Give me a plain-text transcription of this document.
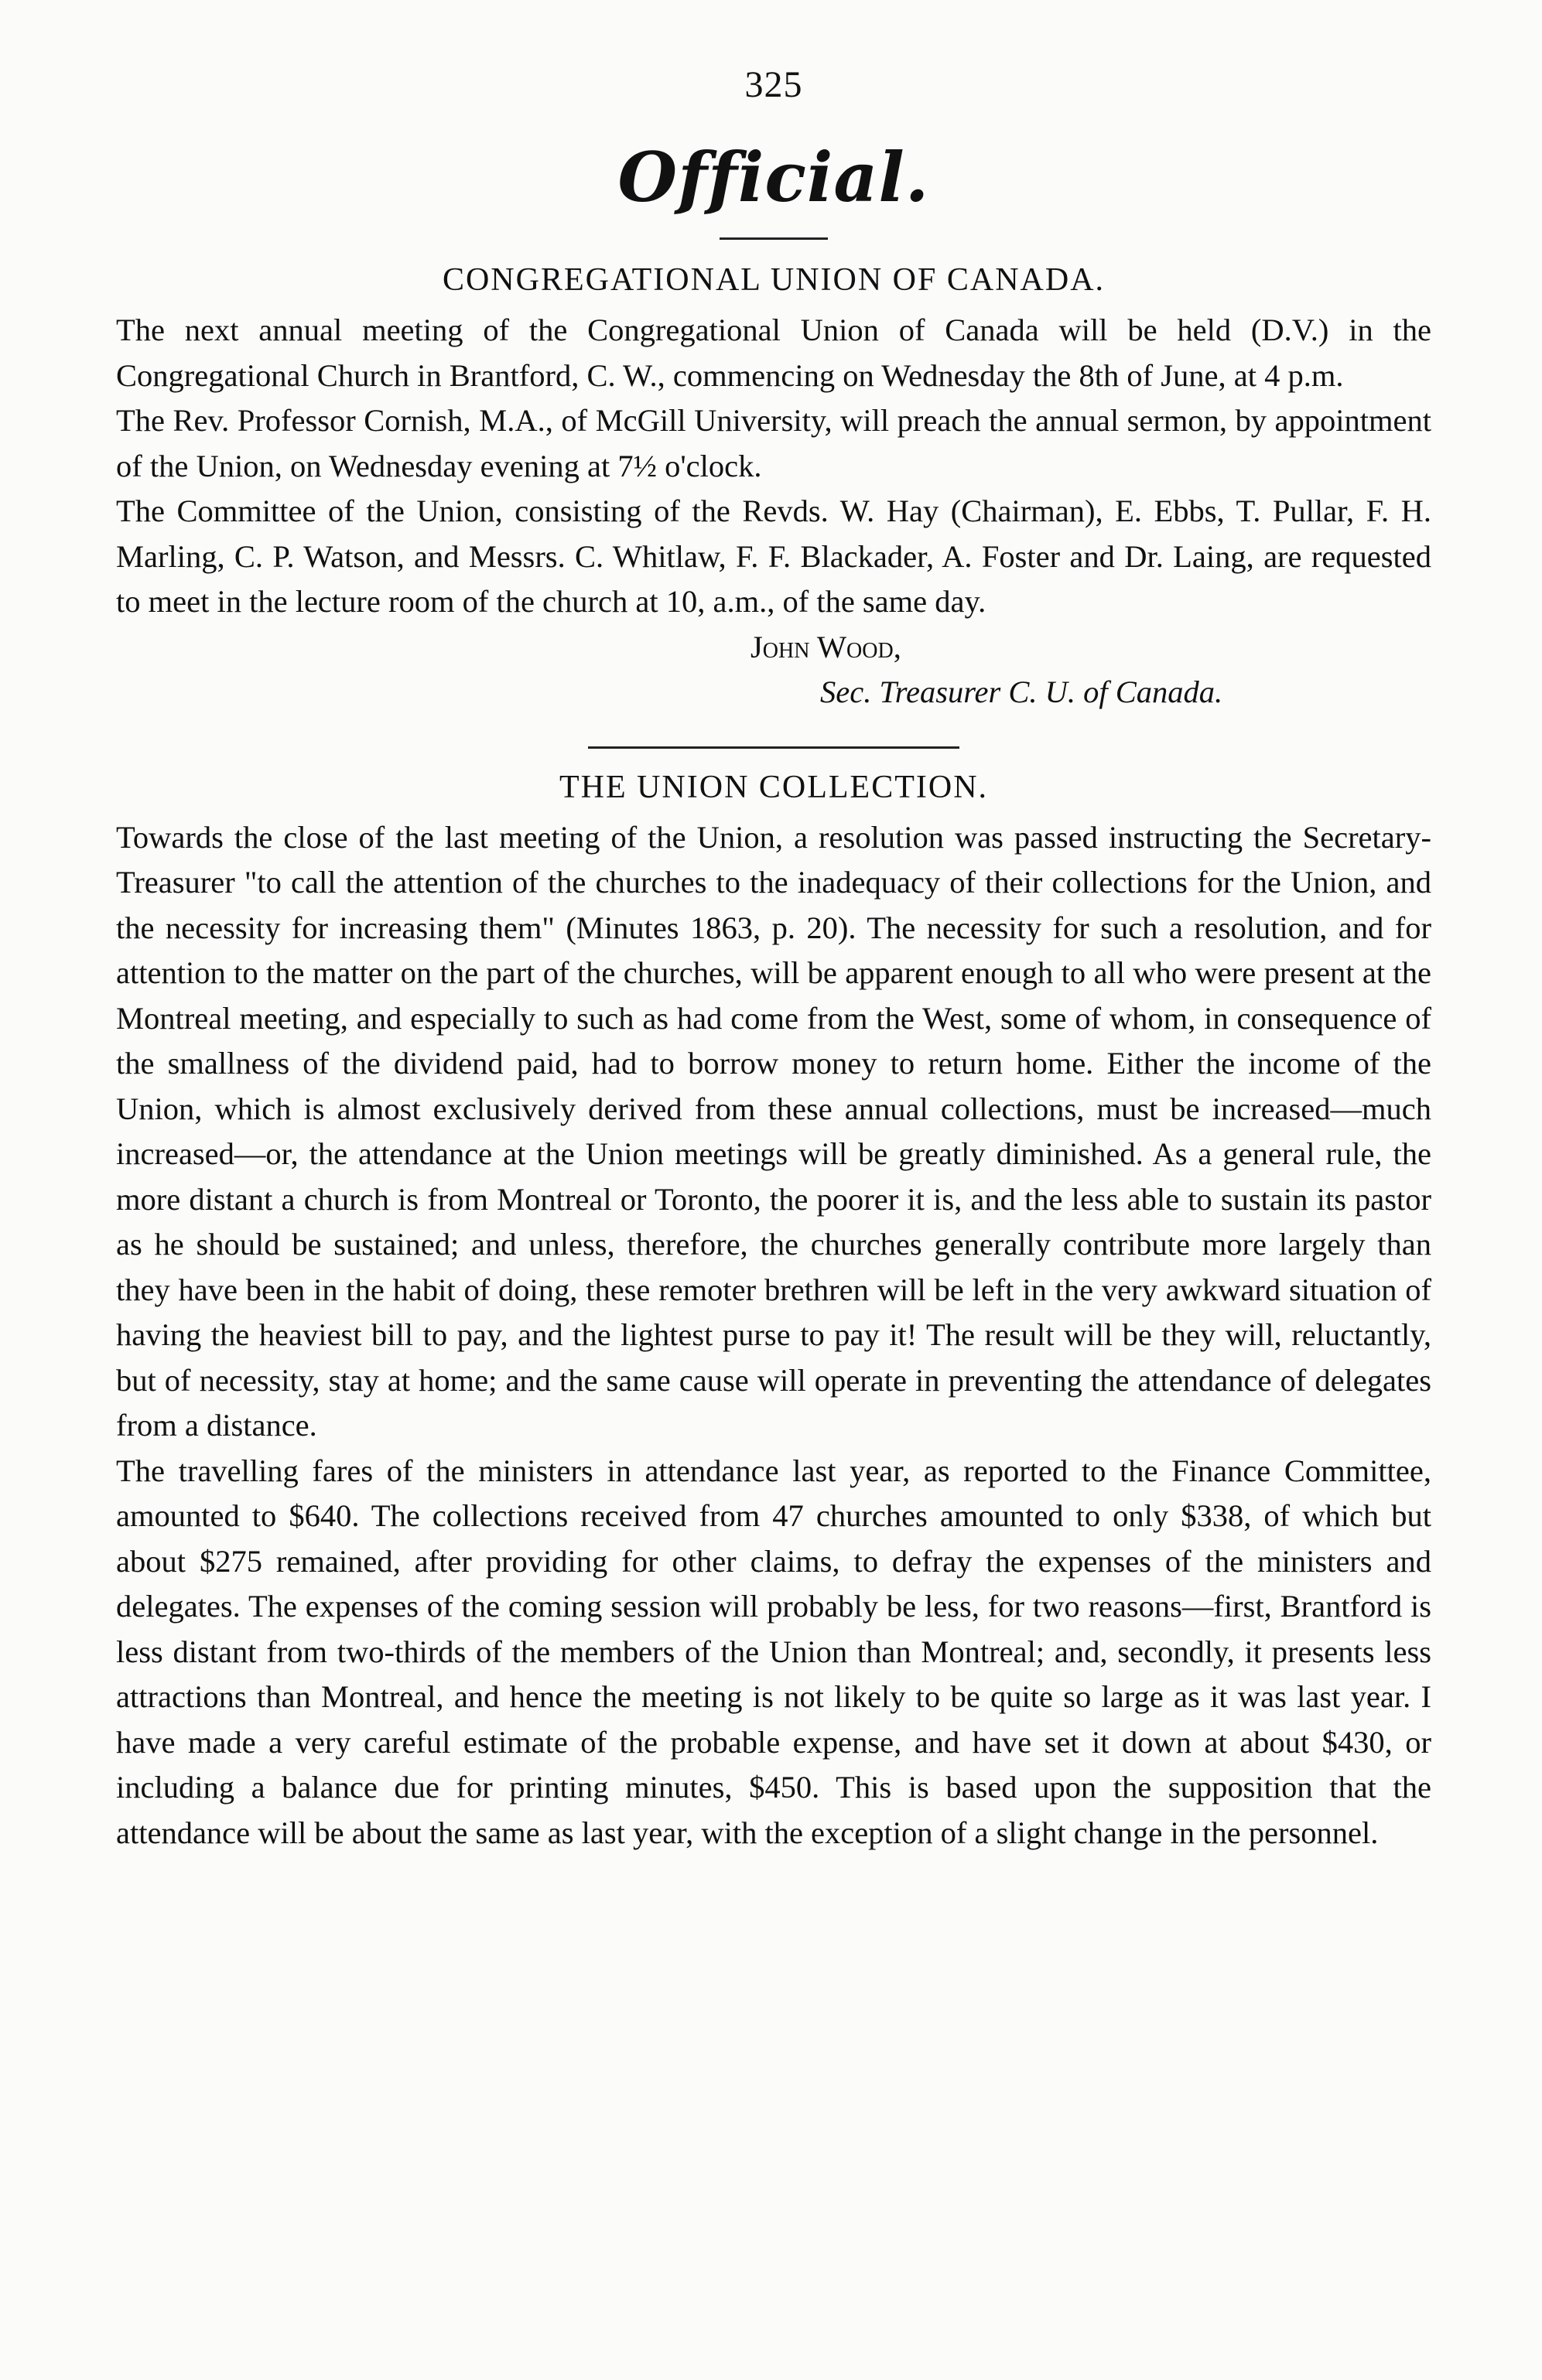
325
Official.
CONGREGATIONAL UNION OF CANADA.

The next annual meeting of the Congregational Union of Canada will be held (D.V.) in the Congregational Church in Brantford, C. W., commencing on Wednesday the 8th of June, at 4 p.m.

The Rev. Professor Cornish, M.A., of McGill University, will preach the annual sermon, by appointment of the Union, on Wednesday evening at 7½ o'clock.

The Committee of the Union, consisting of the Revds. W. Hay (Chairman), E. Ebbs, T. Pullar, F. H. Marling, C. P. Watson, and Messrs. C. Whitlaw, F. F. Blackader, A. Foster and Dr. Laing, are requested to meet in the lecture room of the church at 10, a.m., of the same day.

John Wood,
Sec. Treasurer C. U. of Canada.
THE UNION COLLECTION.

Towards the close of the last meeting of the Union, a resolution was passed instructing the Secretary-Treasurer "to call the attention of the churches to the inadequacy of their collections for the Union, and the necessity for increasing them" (Minutes 1863, p. 20). The necessity for such a resolution, and for attention to the matter on the part of the churches, will be apparent enough to all who were present at the Montreal meeting, and especially to such as had come from the West, some of whom, in consequence of the smallness of the dividend paid, had to borrow money to return home. Either the income of the Union, which is almost exclusively derived from these annual collections, must be increased—much increased—or, the attendance at the Union meetings will be greatly diminished. As a general rule, the more distant a church is from Montreal or Toronto, the poorer it is, and the less able to sustain its pastor as he should be sustained; and unless, therefore, the churches generally contribute more largely than they have been in the habit of doing, these remoter brethren will be left in the very awkward situation of having the heaviest bill to pay, and the lightest purse to pay it! The result will be they will, reluctantly, but of necessity, stay at home; and the same cause will operate in preventing the attendance of delegates from a distance.

The travelling fares of the ministers in attendance last year, as reported to the Finance Committee, amounted to $640. The collections received from 47 churches amounted to only $338, of which but about $275 remained, after providing for other claims, to defray the expenses of the ministers and delegates. The expenses of the coming session will probably be less, for two reasons—first, Brantford is less distant from two-thirds of the members of the Union than Montreal; and, secondly, it presents less attractions than Montreal, and hence the meeting is not likely to be quite so large as it was last year. I have made a very careful estimate of the probable expense, and have set it down at about $430, or including a balance due for printing minutes, $450. This is based upon the supposition that the attendance will be about the same as last year, with the exception of a slight change in the personnel.
